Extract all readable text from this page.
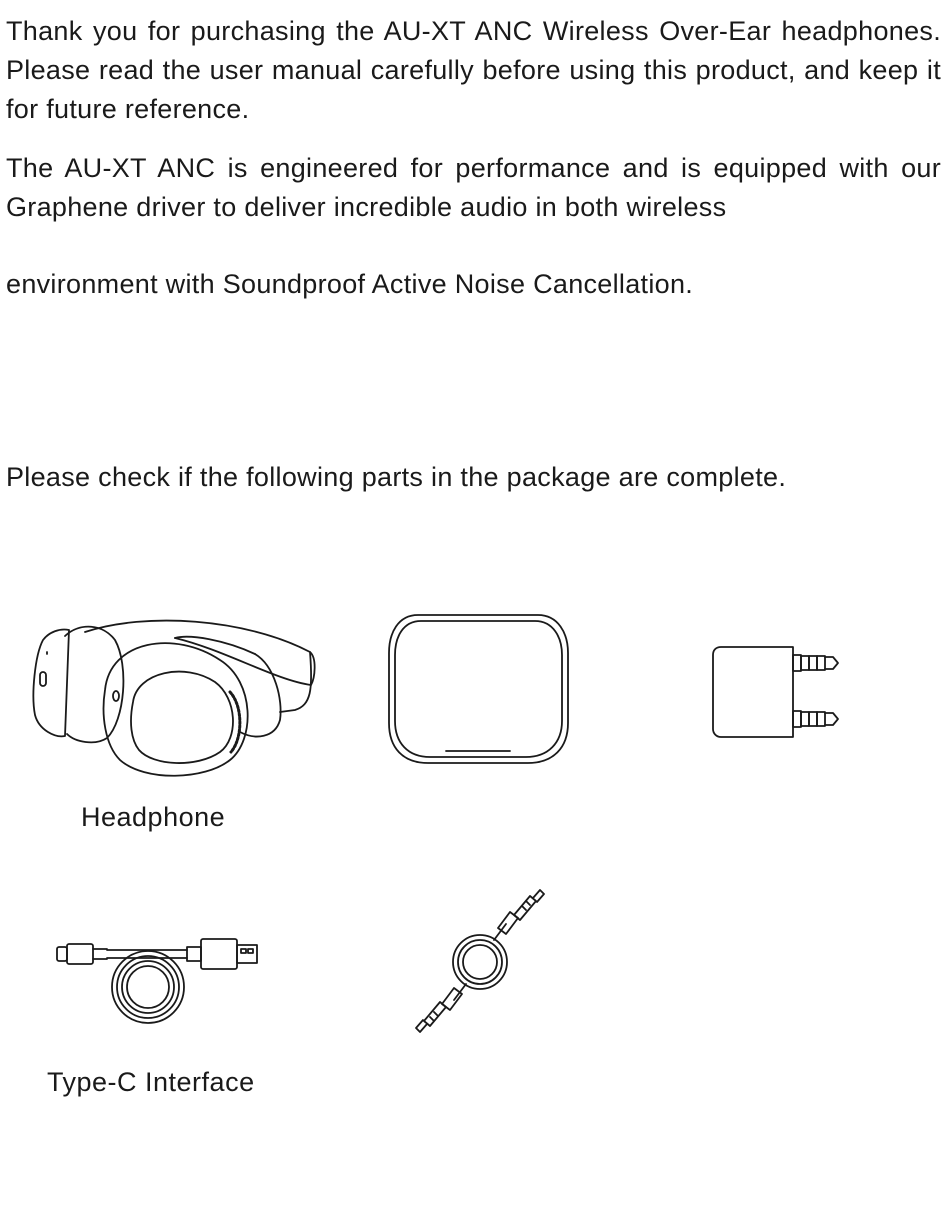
Thank you for purchasing the AU-XT ANC Wireless Over-Ear headphones. Please read the user manual carefully before using this product, and keep it for future reference.

The AU-XT ANC is engineered for performance and is equipped with our Graphene driver to deliver incredible audio in both wireless

environment with Soundproof Active Noise Cancellation.

Please check if the following parts in the package are complete.

Headphone

Type-C Interface
